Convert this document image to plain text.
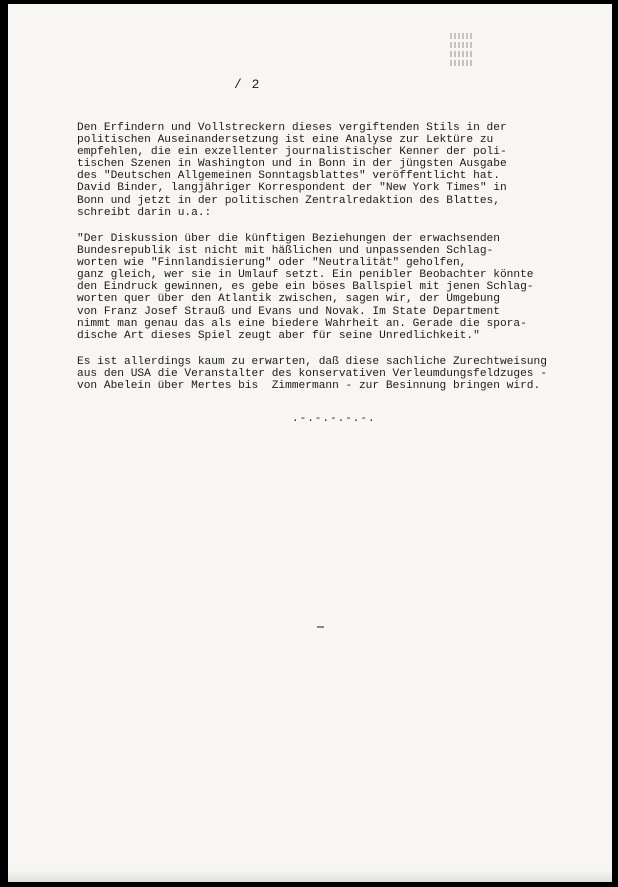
/ 2
Den Erfindern und Vollstreckern dieses vergiftenden Stils in der
politischen Auseinandersetzung ist eine Analyse zur Lektüre zu
empfehlen, die ein exzellenter journalistischer Kenner der poli-
tischen Szenen in Washington und in Bonn in der jüngsten Ausgabe
des "Deutschen Allgemeinen Sonntagsblattes" veröffentlicht hat.
David Binder, langjähriger Korrespondent der "New York Times" in
Bonn und jetzt in der politischen Zentralredaktion des Blattes,
schreibt darin u.a.:
"Der Diskussion über die künftigen Beziehungen der erwachsenden
Bundesrepublik ist nicht mit häßlichen und unpassenden Schlag-
worten wie "Finnlandisierung" oder "Neutralität" geholfen,
ganz gleich, wer sie in Umlauf setzt. Ein penibler Beobachter könnte
den Eindruck gewinnen, es gebe ein böses Ballspiel mit jenen Schlag-
worten quer über den Atlantik zwischen, sagen wir, der Umgebung
von Franz Josef Strauß und Evans und Novak. Im State Department
nimmt man genau das als eine biedere Wahrheit an. Gerade die spora-
dische Art dieses Spiel zeugt aber für seine Unredlichkeit."
Es ist allerdings kaum zu erwarten, daß diese sachliche Zurechtweisung
aus den USA die Veranstalter des konservativen Verleumdungsfeldzuges -
von Abelein über Mertes bis  Zimmermann - zur Besinnung bringen wird.
.-.-.-.-.-.
